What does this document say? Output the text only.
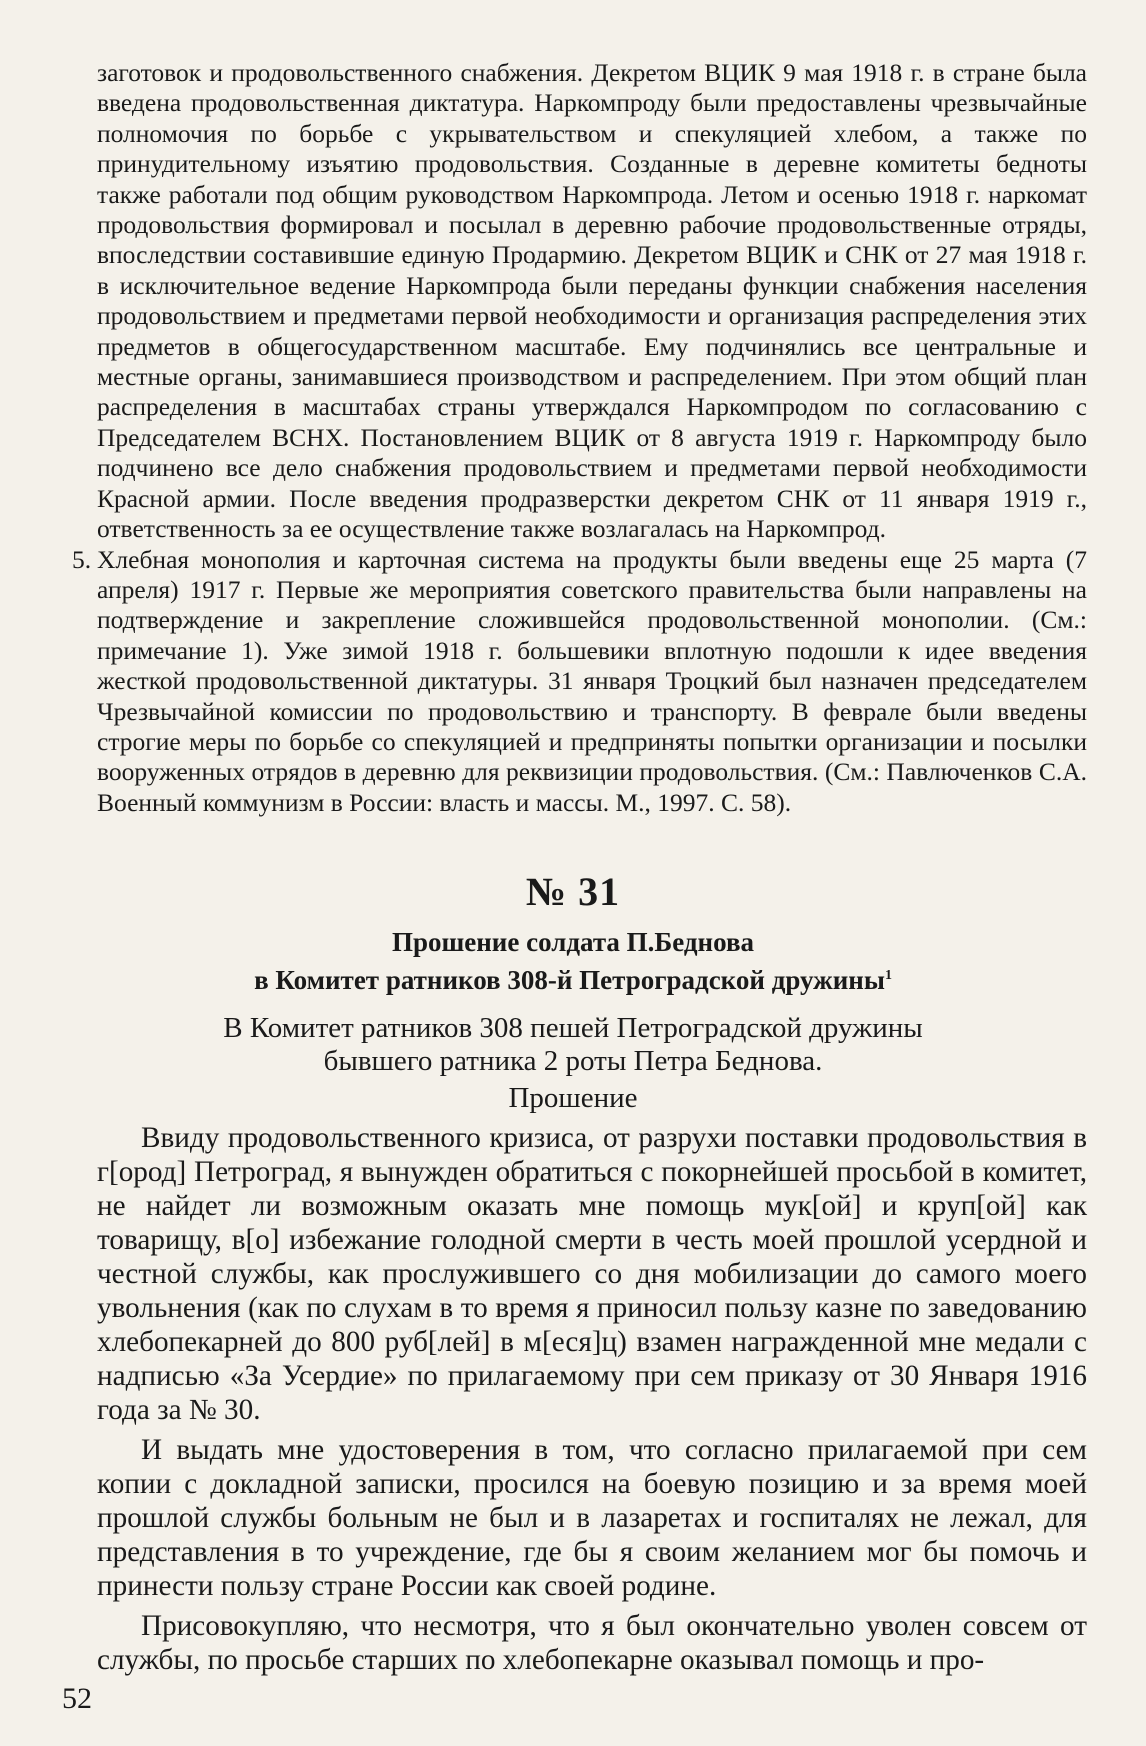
заготовок и продовольственного снабжения. Декретом ВЦИК 9 мая 1918 г. в стране была введена продовольственная диктатура. Наркомпроду были предоставлены чрезвычайные полномочия по борьбе с укрывательством и спекуляцией хлебом, а также по принудительному изъятию продовольствия. Созданные в деревне комитеты бедноты также работали под общим руководством Наркомпрода. Летом и осенью 1918 г. наркомат продовольствия формировал и посылал в деревню рабочие продовольственные отряды, впоследствии составившие единую Продармию. Декретом ВЦИК и СНК от 27 мая 1918 г. в исключительное ведение Наркомпрода были переданы функции снабжения населения продовольствием и предметами первой необходимости и организация распределения этих предметов в общегосударственном масштабе. Ему подчинялись все центральные и местные органы, занимавшиеся производством и распределением. При этом общий план распределения в масштабах страны утверждался Наркомпродом по согласованию с Председателем ВСНХ. Постановлением ВЦИК от 8 августа 1919 г. Наркомпроду было подчинено все дело снабжения продовольствием и предметами первой необходимости Красной армии. После введения продразверстки декретом СНК от 11 января 1919 г., ответственность за ее осуществление также возлагалась на Наркомпрод.

5. Хлебная монополия и карточная система на продукты были введены еще 25 марта (7 апреля) 1917 г. Первые же мероприятия советского правительства были направлены на подтверждение и закрепление сложившейся продовольственной монополии. (См.: примечание 1). Уже зимой 1918 г. большевики вплотную подошли к идее введения жесткой продовольственной диктатуры. 31 января Троцкий был назначен председателем Чрезвычайной комиссии по продовольствию и транспорту. В феврале были введены строгие меры по борьбе со спекуляцией и предприняты попытки организации и посылки вооруженных отрядов в деревню для реквизиции продовольствия. (См.: Павлюченков С.А. Военный коммунизм в России: власть и массы. М., 1997. С. 58).

№ 31
Прошение солдата П.Беднова
в Комитет ратников 308-й Петроградской дружины$^1$
В Комитет ратников 308 пешей Петроградской дружины
бывшего ратника 2 роты Петра Беднова.
Прошение

Ввиду продовольственного кризиса, от разрухи поставки продовольствия в г[ород] Петроград, я вынужден обратиться с покорнейшей просьбой в комитет, не найдет ли возможным оказать мне помощь мук[ой] и круп[ой] как товарищу, в[о] избежание голодной смерти в честь моей прошлой усердной и честной службы, как прослужившего со дня мобилизации до самого моего увольнения (как по слухам в то время я приносил пользу казне по заведованию хлебопекарней до 800 руб[лей] в м[еся]ц) взамен награжденной мне медали с надписью «За Усердие» по прилагаемому при сем приказу от 30 Января 1916 года за № 30.

И выдать мне удостоверения в том, что согласно прилагаемой при сем копии с докладной записки, просился на боевую позицию и за время моей прошлой службы больным не был и в лазаретах и госпиталях не лежал, для представления в то учреждение, где бы я своим желанием мог бы помочь и принести пользу стране России как своей родине.

Присовокупляю, что несмотря, что я был окончательно уволен совсем от службы, по просьбе старших по хлебопекарне оказывал помощь и про-

52
